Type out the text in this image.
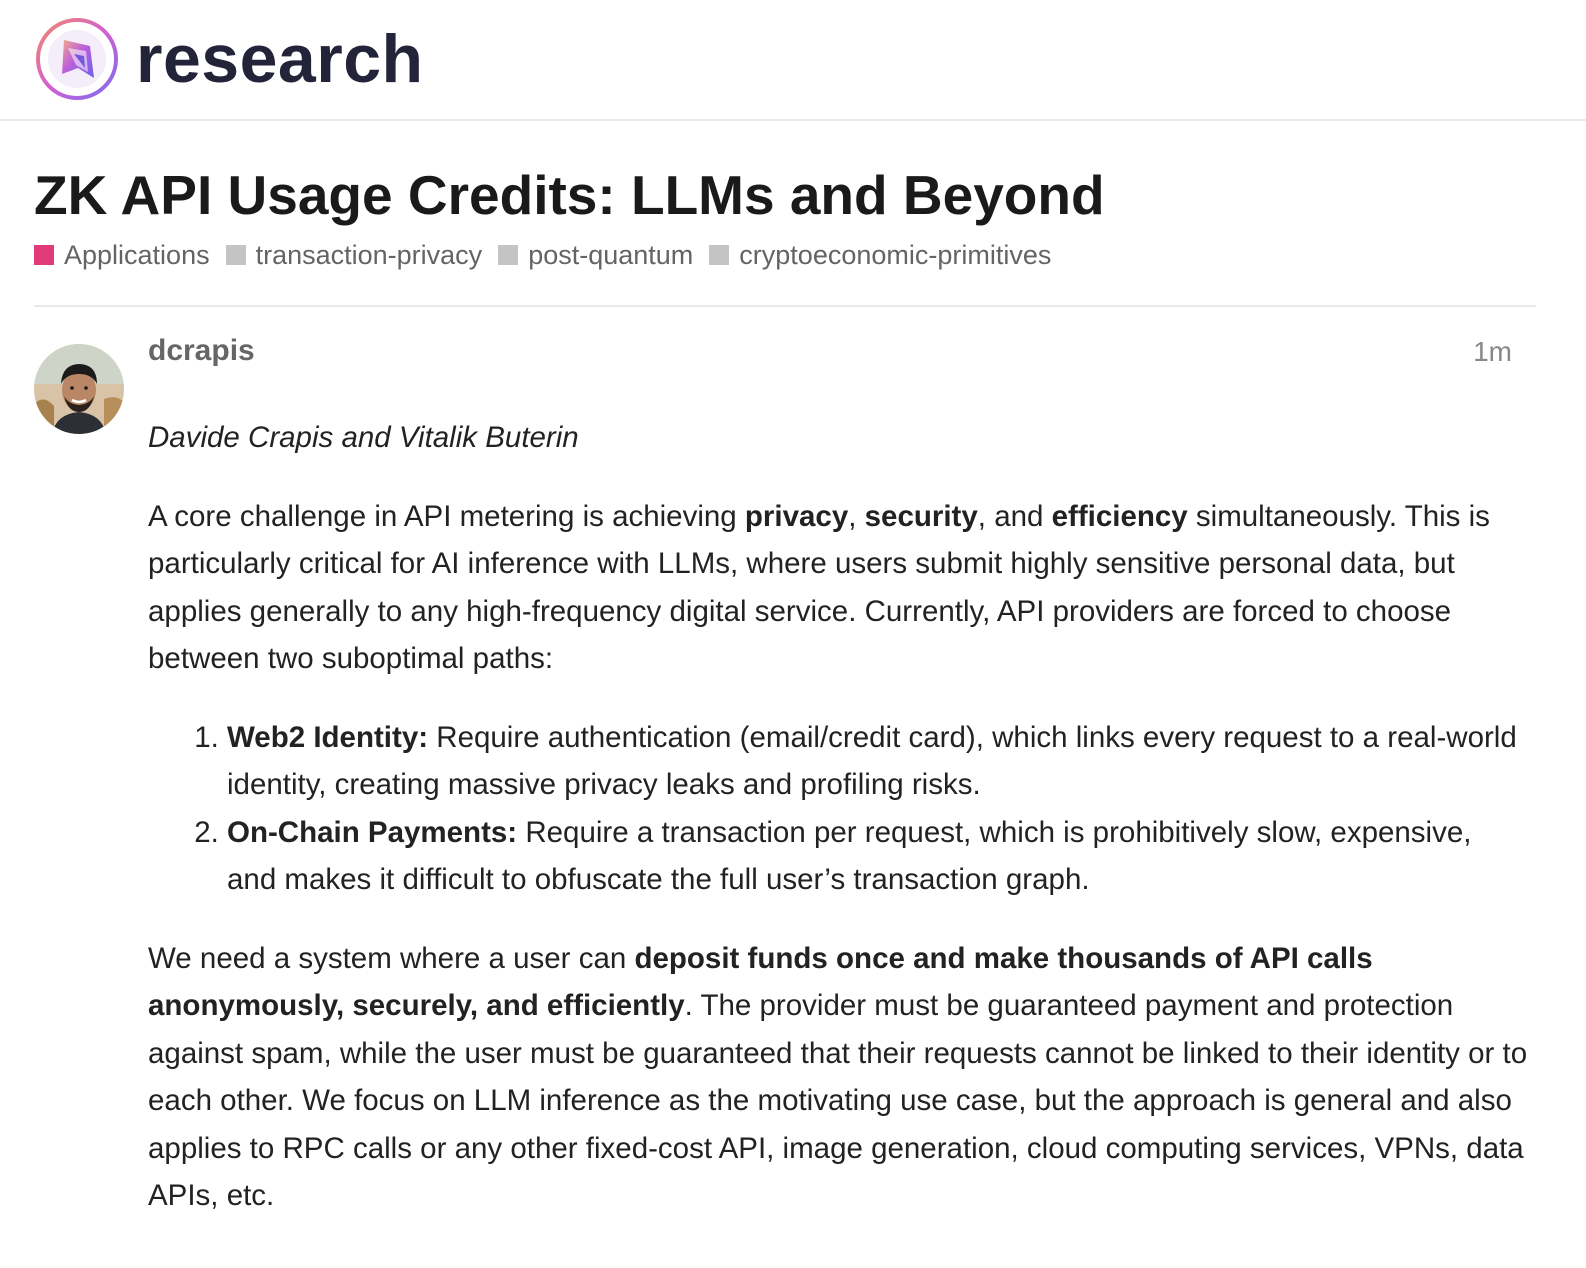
research
ZK API Usage Credits: LLMs and Beyond
Applications transaction-privacy post-quantum cryptoeconomic-primitives
dcrapis	1m

Davide Crapis and Vitalik Buterin

A core challenge in API metering is achieving privacy, security, and efficiency simultaneously. This is particularly critical for AI inference with LLMs, where users submit highly sensitive personal data, but applies generally to any high-frequency digital service. Currently, API providers are forced to choose between two suboptimal paths:

1. Web2 Identity: Require authentication (email/credit card), which links every request to a real-world identity, creating massive privacy leaks and profiling risks.
2. On-Chain Payments: Require a transaction per request, which is prohibitively slow, expensive, and makes it difficult to obfuscate the full user’s transaction graph.

We need a system where a user can deposit funds once and make thousands of API calls anonymously, securely, and efficiently. The provider must be guaranteed payment and protection against spam, while the user must be guaranteed that their requests cannot be linked to their identity or to each other. We focus on LLM inference as the motivating use case, but the approach is general and also applies to RPC calls or any other fixed-cost API, image generation, cloud computing services, VPNs, data APIs, etc.
